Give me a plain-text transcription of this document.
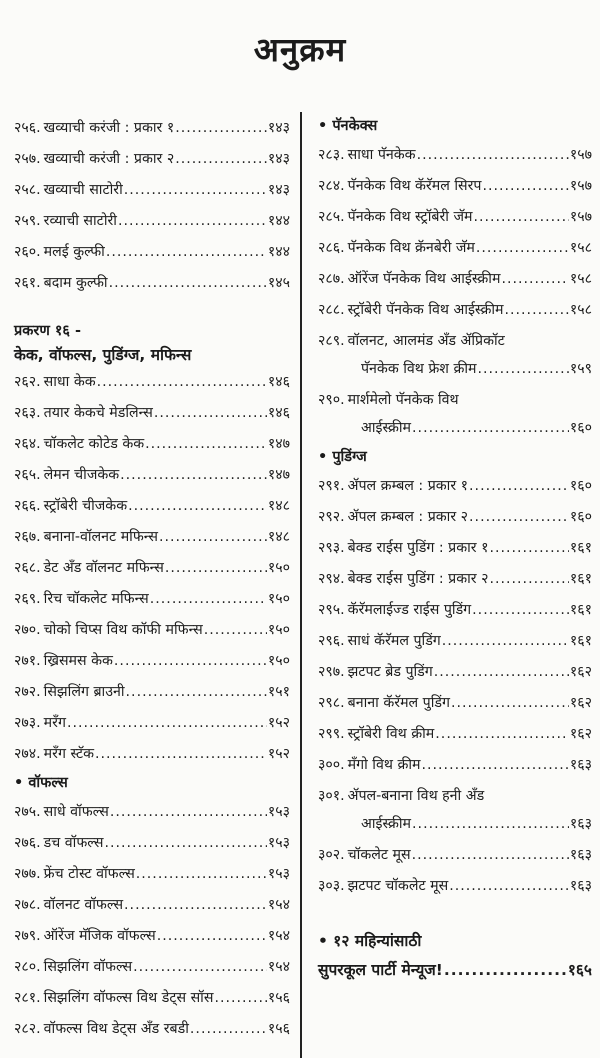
अनुक्रम
२५६. खव्याची करंजी : प्रकार १ .....	१४३
२५७. खव्याची करंजी : प्रकार २ .....	१४३
२५८. खव्याची साटोरी .....	१४३
२५९. रव्याची साटोरी .....	१४४
२६०. मलई कुल्फी .....	१४४
२६१. बदाम कुल्फी .....	१४५
प्रकरण १६ -
केक, वॉफल्स, पुडिंग्ज, मफिन्स
२६२. साधा केक .....	१४६
२६३. तयार केकचे मेडलिन्स .....	१४६
२६४. चॉकलेट कोटेड केक .....	१४७
२६५. लेमन चीजकेक .....	१४७
२६६. स्ट्रॉबेरी चीजकेक .....	१४८
२६७. बनाना-वॉलनट मफिन्स .....	१४८
२६८. डेट अँड वॉलनट मफिन्स .....	१५०
२६९. रिच चॉकलेट मफिन्स .....	१५०
२७०. चोको चिप्स विथ कॉफी मफिन्स .....	१५०
२७१. ख्रिसमस केक .....	१५०
२७२. सिझलिंग ब्राउनी .....	१५१
२७३. मरँग .....	१५२
२७४. मरँग स्टॅक .....	१५२
• वॉफल्स
२७५. साधे वॉफल्स .....	१५३
२७६. डच वॉफल्स .....	१५३
२७७. फ्रेंच टोस्ट वॉफल्स .....	१५३
२७८. वॉलनट वॉफल्स .....	१५४
२७९. ऑरेंज मॅजिक वॉफल्स .....	१५४
२८०. सिझलिंग वॉफल्स .....	१५४
२८१. सिझलिंग वॉफल्स विथ डेट्स सॉस .....	१५६
२८२. वॉफल्स विथ डेट्स अँड रबडी .....	१५६
• पॅनकेक्स
२८३. साधा पॅनकेक .....	१५७
२८४. पॅनकेक विथ कॅरॅमल सिरप .....	१५७
२८५. पॅनकेक विथ स्ट्रॉबेरी जॅम .....	१५७
२८६. पॅनकेक विथ क्रॅनबेरी जॅम .....	१५८
२८७. ऑरेंज पॅनकेक विथ आईस्क्रीम .....	१५८
२८८. स्ट्रॉबेरी पॅनकेक विथ आईस्क्रीम .....	१५८
२८९. वॉलनट, आलमंड अँड ॲप्रिकॉट
पॅनकेक विथ फ्रेश क्रीम .....	१५९
२९०. मार्शमेलो पॅनकेक विथ
आईस्क्रीम .....	१६०
• पुडिंग्ज
२९१. ॲपल क्रम्बल : प्रकार १ .....	१६०
२९२. ॲपल क्रम्बल : प्रकार २ .....	१६०
२९३. बेक्ड राईस पुडिंग : प्रकार १ .....	१६१
२९४. बेक्ड राईस पुडिंग : प्रकार २ .....	१६१
२९५. कॅरॅमलाईज्ड राईस पुडिंग .....	१६१
२९६. साधं कॅरॅमल पुडिंग .....	१६१
२९७. झटपट ब्रेड पुडिंग .....	१६२
२९८. बनाना कॅरॅमल पुडिंग .....	१६२
२९९. स्ट्रॉबेरी विथ क्रीम .....	१६२
३००. मँगो विथ क्रीम .....	१६३
३०१. ॲपल-बनाना विथ हनी अँड
आईस्क्रीम .....	१६३
३०२. चॉकलेट मूस .....	१६३
३०३. झटपट चॉकलेट मूस .....	१६३
• १२ महिन्यांसाठी
सुपरकूल पार्टी मेन्यूज! .....	१६५
